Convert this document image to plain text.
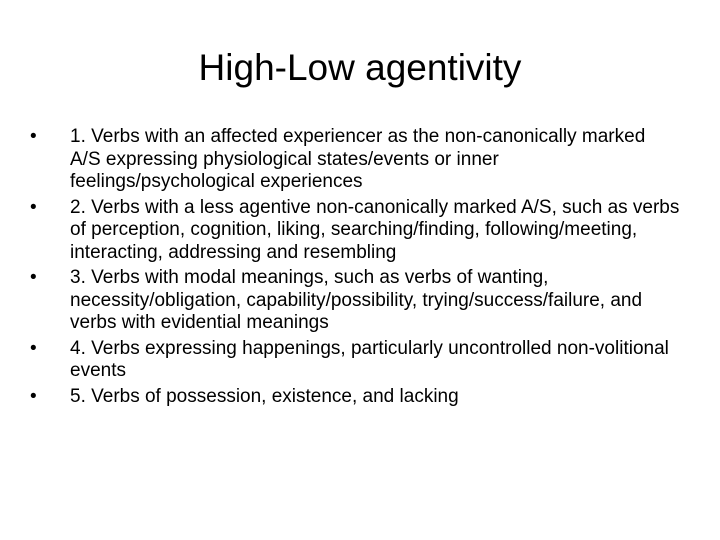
High-Low agentivity
•	1. Verbs with an affected experiencer as the non-canonically marked A/S expressing physiological states/events or inner feelings/psychological experiences
•	2. Verbs with a less agentive non-canonically marked A/S, such as verbs of perception, cognition, liking, searching/finding, following/meeting, interacting, addressing and resembling
•	3. Verbs with modal meanings, such as verbs of wanting, necessity/obligation, capability/possibility, trying/success/failure, and verbs with evidential meanings
•	4. Verbs expressing happenings, particularly uncontrolled non-volitional events
•	5. Verbs of possession, existence, and lacking
